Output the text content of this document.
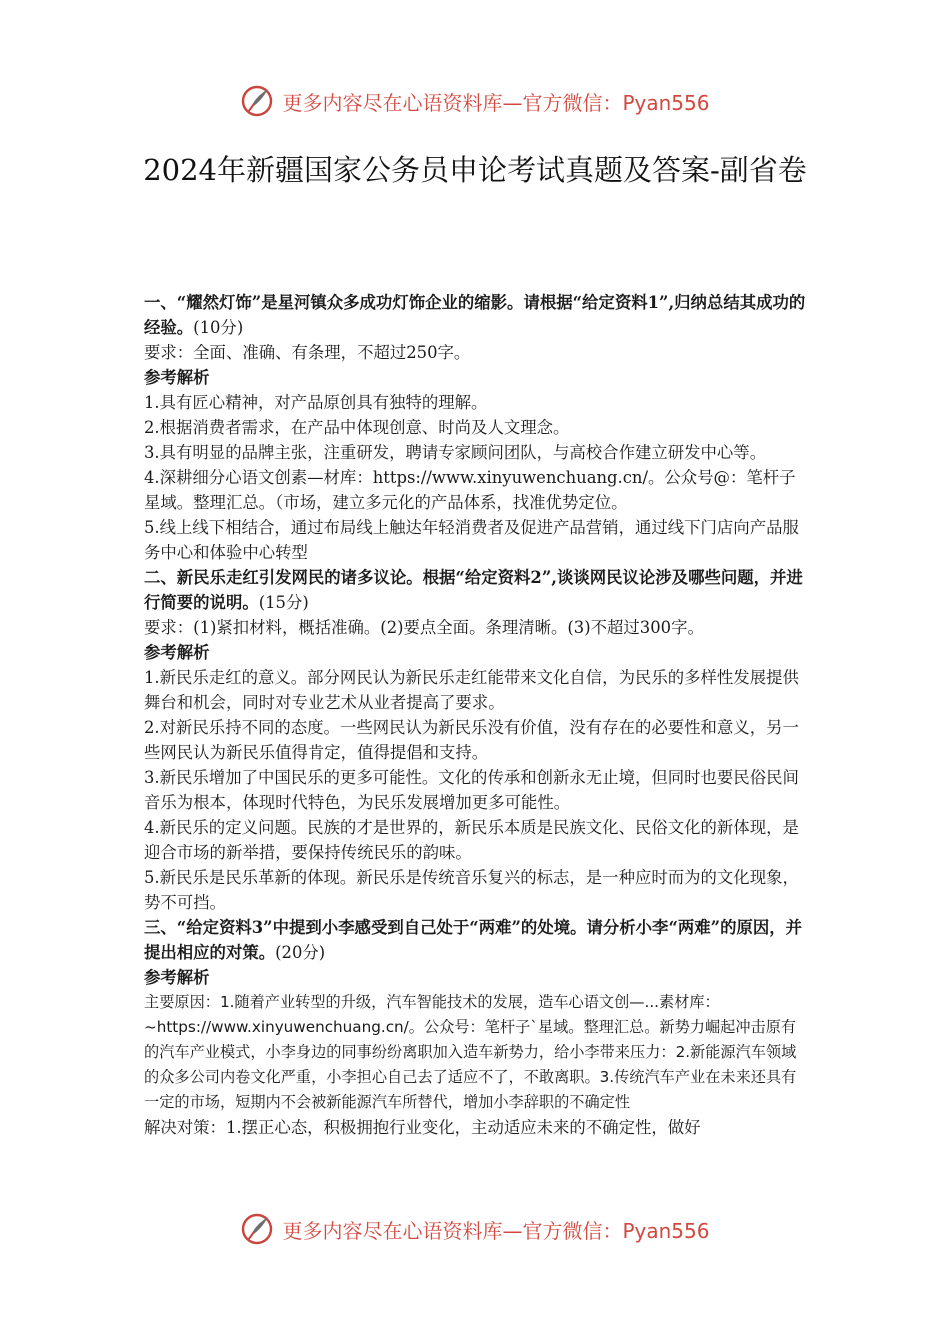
更多内容尽在心语资料库—官方微信：Pyan556
2024年新疆国家公务员申论考试真题及答案-副省卷

一、“耀然灯饰”是星河镇众多成功灯饰企业的缩影。请根据“给定资料1”,归纳总结其成功的经验。(10分)

要求：全面、准确、有条理，不超过250字。

参考解析

1.具有匠心精神，对产品原创具有独特的理解。

2.根据消费者需求，在产品中体现创意、时尚及人文理念。

3.具有明显的品牌主张，注重研发，聘请专家顾问团队，与高校合作建立研发中心等。

4.深耕细分心语文创素—材库：https://www.xinyuwenchuang.cn/。公众号@：笔杆子星域。整理汇总。（市场，建立多元化的产品体系，找准优势定位。

5.线上线下相结合，通过布局线上触达年轻消费者及促进产品营销，通过线下门店向产品服务中心和体验中心转型

二、新民乐走红引发网民的诸多议论。根据“给定资料2”,谈谈网民议论涉及哪些问题，并进行简要的说明。(15分)

要求：(1)紧扣材料，概括准确。(2)要点全面。条理清晰。(3)不超过300字。

参考解析

1.新民乐走红的意义。部分网民认为新民乐走红能带来文化自信，为民乐的多样性发展提供舞台和机会，同时对专业艺术从业者提高了要求。

2.对新民乐持不同的态度。一些网民认为新民乐没有价值，没有存在的必要性和意义，另一些网民认为新民乐值得肯定，值得提倡和支持。

3.新民乐增加了中国民乐的更多可能性。文化的传承和创新永无止境，但同时也要民俗民间音乐为根本，体现时代特色，为民乐发展增加更多可能性。

4.新民乐的定义问题。民族的才是世界的，新民乐本质是民族文化、民俗文化的新体现，是迎合市场的新举措，要保持传统民乐的韵味。

5.新民乐是民乐革新的体现。新民乐是传统音乐复兴的标志，是一种应时而为的文化现象，势不可挡。

三、“给定资料3”中提到小李感受到自己处于“两难”的处境。请分析小李“两难”的原因，并提出相应的对策。(20分)

参考解析

主要原因：1.随着产业转型的升级，汽车智能技术的发展，造车心语文创—...素材库：~https://www.xinyuwenchuang.cn/。公众号：笔杆子`星域。整理汇总。新势力崛起冲击原有的汽车产业模式，小李身边的同事纷纷离职加入造车新势力，给小李带来压力：2.新能源汽车领域的众多公司内卷文化严重，小李担心自己去了适应不了，不敢离职。3.传统汽车产业在未来还具有一定的市场，短期内不会被新能源汽车所替代，增加小李辞职的不确定性

解决对策：1.摆正心态，积极拥抱行业变化，主动适应未来的不确定性，做好

更多内容尽在心语资料库—官方微信：Pyan556
